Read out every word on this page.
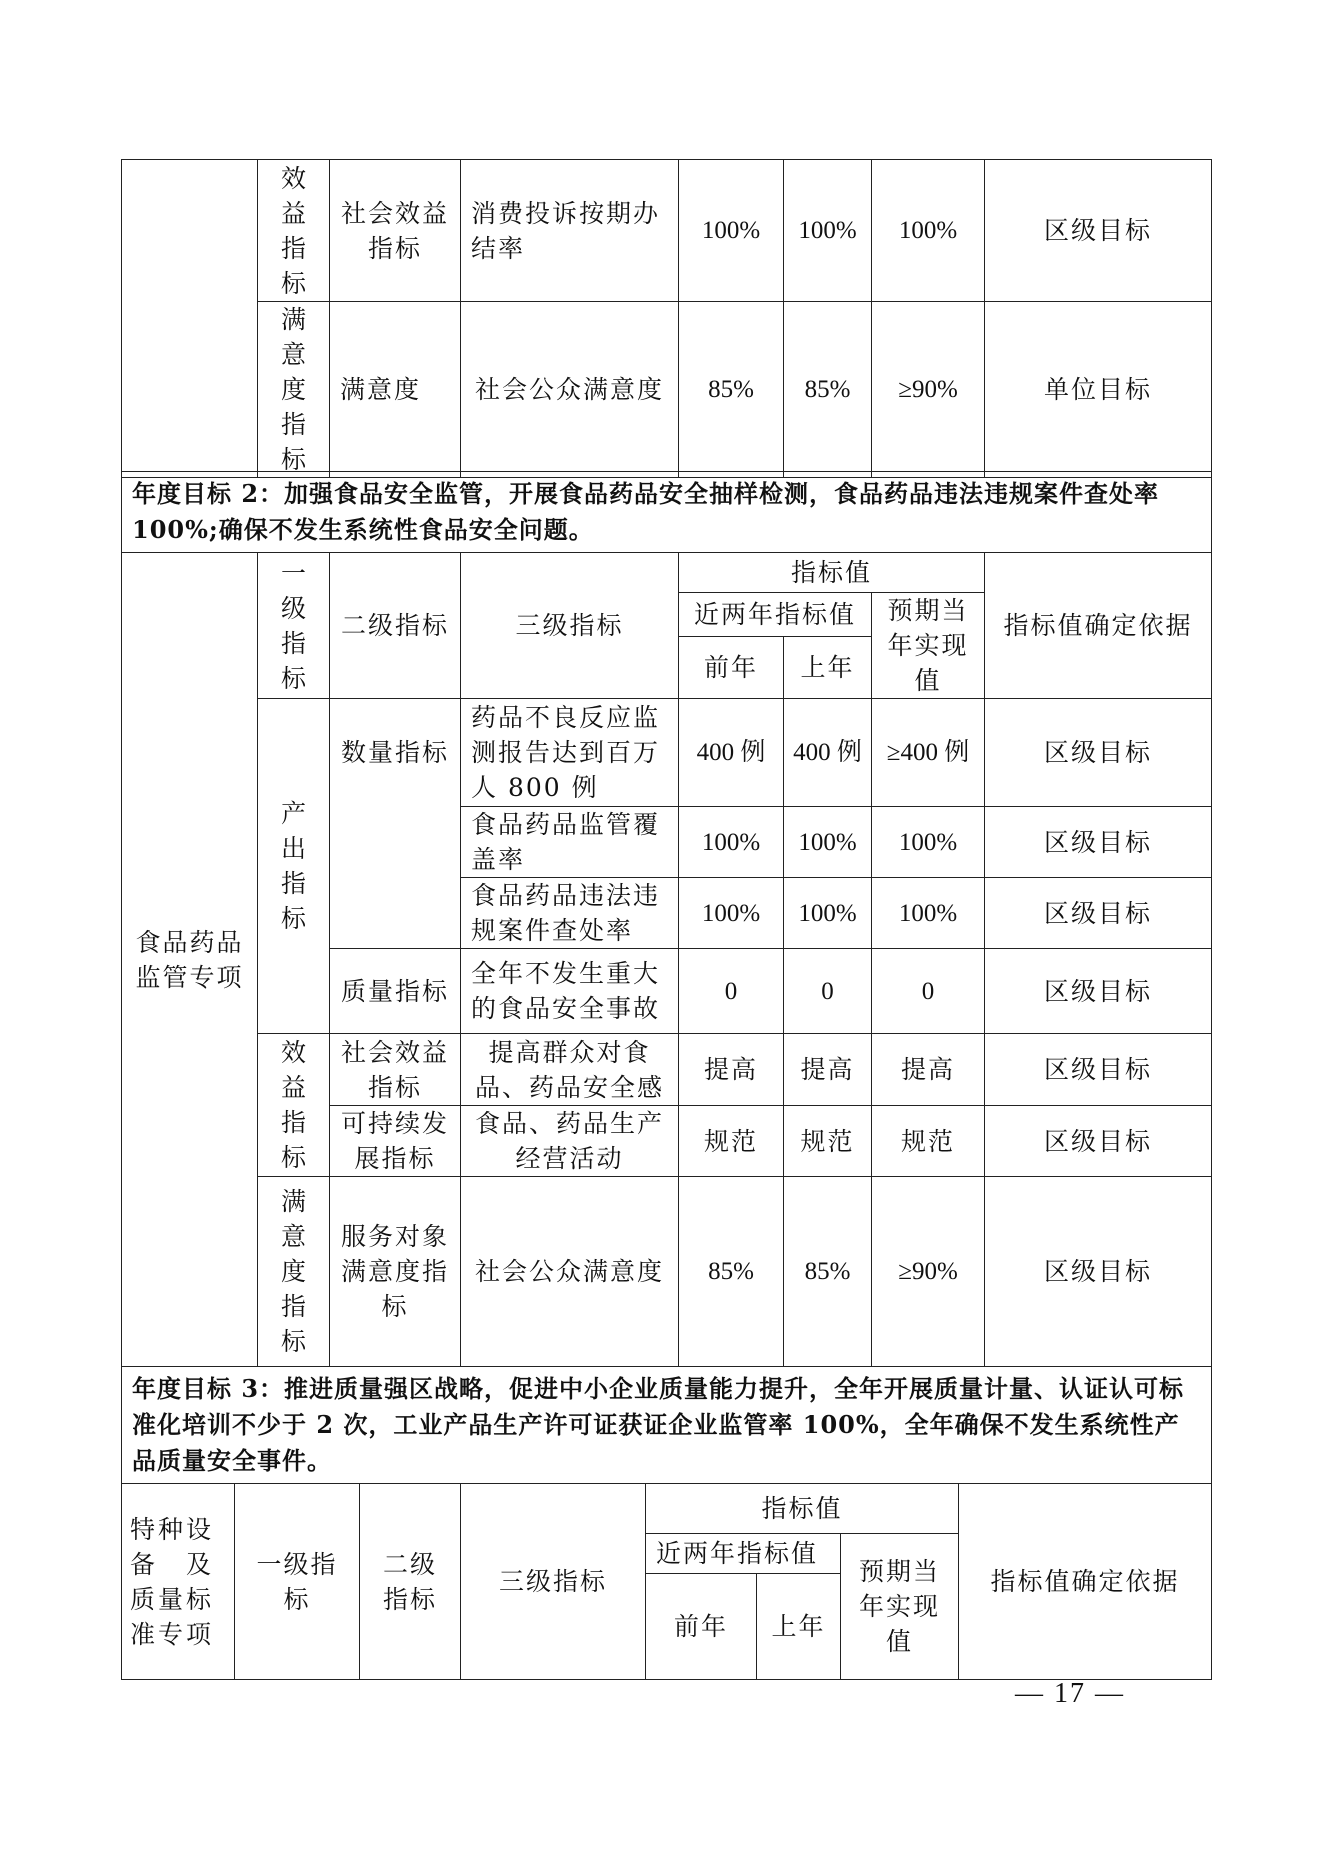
	效
益
指
标	社会效益
指标	消费投诉按期办
结率	100%	100%	100%	区级目标
	满
意
度
指
标	满意度	社会公众满意度	85%	85%	≥90%	单位目标
年度目标 2：加强食品安全监管，开展食品药品安全抽样检测，食品药品违法违规案件查处率 100%;确保不发生系统性食品安全问题。							
食品药品
监管专项	一
级
指
标	二级指标	三级指标	指标值			指标值确定依据
				近两年指标值		预期当
年实现
值	
				前年	上年		
	产
出
指
标	数量指标	药品不良反应监
测报告达到百万
人 800 例	400 例	400 例	≥400 例	区级目标
			食品药品监管覆
盖率	100%	100%	100%	区级目标
			食品药品违法违
规案件查处率	100%	100%	100%	区级目标
		质量指标	全年不发生重大
的食品安全事故	0	0	0	区级目标
	效
益
指
标	社会效益
指标	提高群众对食
品、药品安全感	提高	提高	提高	区级目标
		可持续发
展指标	食品、药品生产
经营活动	规范	规范	规范	区级目标
	满
意
度
指
标	服务对象
满意度指
标	社会公众满意度	85%	85%	≥90%	区级目标
年度目标 3：推进质量强区战略，促进中小企业质量能力提升，全年开展质量计量、认证认可标准化培训不少于 2 次，工业产品生产许可证获证企业监管率 100%，全年确保不发生系统性产品质量安全事件。							
特种设
备　及
质量标
准专项	一级指
标	二级
指标	三级指标	指标值			指标值确定依据
				近两年指标值		预期当
年实现
值	
				前年	上年		
— 17 —
